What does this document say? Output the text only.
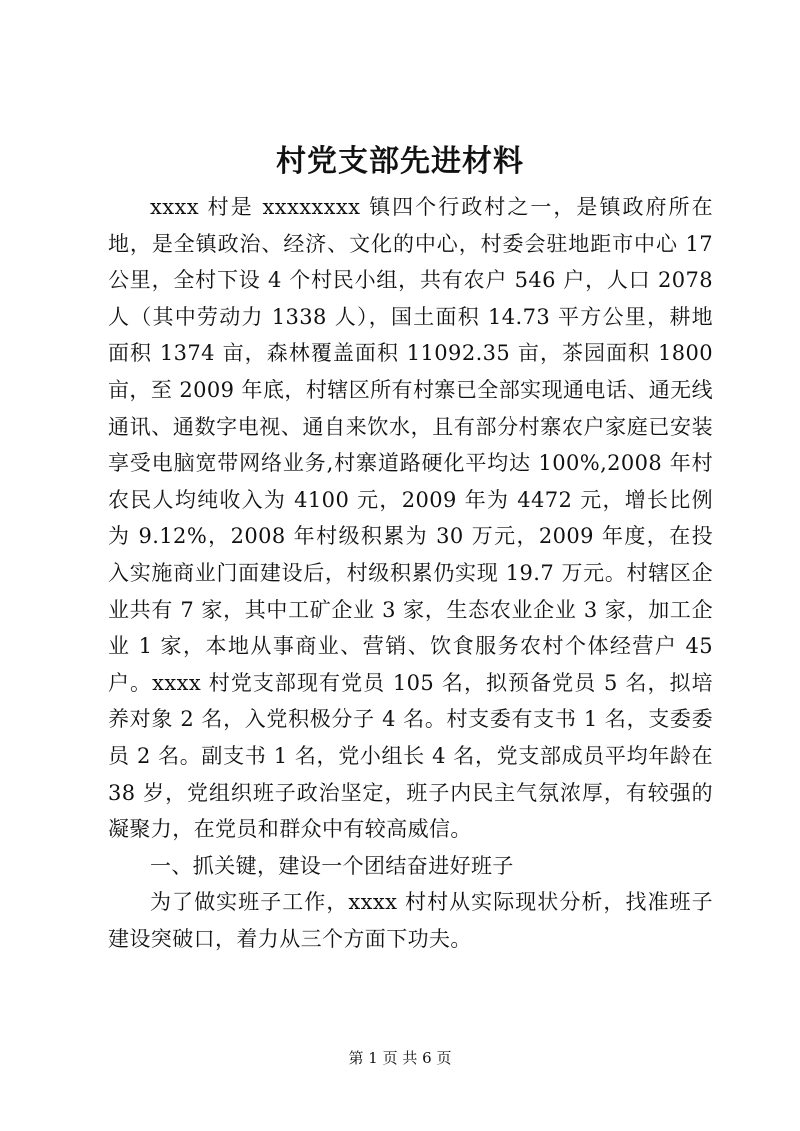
村党支部先进材料

xxxx 村是 xxxxxxxx 镇四个行政村之一，是镇政府所在地，是全镇政治、经济、文化的中心，村委会驻地距市中心 17 公里，全村下设 4 个村民小组，共有农户 546 户，人口 2078 人（其中劳动力 1338 人），国土面积 14.73 平方公里，耕地面积 1374 亩，森林覆盖面积 11092.35 亩，茶园面积 1800 亩，至 2009 年底，村辖区所有村寨已全部实现通电话、通无线通讯、通数字电视、通自来饮水，且有部分村寨农户家庭已安装享受电脑宽带网络业务,村寨道路硬化平均达 100%,2008 年村农民人均纯收入为 4100 元，2009 年为 4472 元，增长比例为 9.12%，2008 年村级积累为 30 万元，2009 年度，在投入实施商业门面建设后，村级积累仍实现 19.7 万元。村辖区企业共有 7 家，其中工矿企业 3 家，生态农业企业 3 家，加工企业 1 家，本地从事商业、营销、饮食服务农村个体经营户 45 户。xxxx 村党支部现有党员 105 名，拟预备党员 5 名，拟培养对象 2 名，入党积极分子 4 名。村支委有支书 1 名，支委委员 2 名。副支书 1 名，党小组长 4 名，党支部成员平均年龄在 38 岁，党组织班子政治坚定，班子内民主气氛浓厚，有较强的凝聚力，在党员和群众中有较高威信。

一、抓关键，建设一个团结奋进好班子

为了做实班子工作，xxxx 村村从实际现状分析，找准班子建设突破口，着力从三个方面下功夫。

第 1 页 共 6 页
